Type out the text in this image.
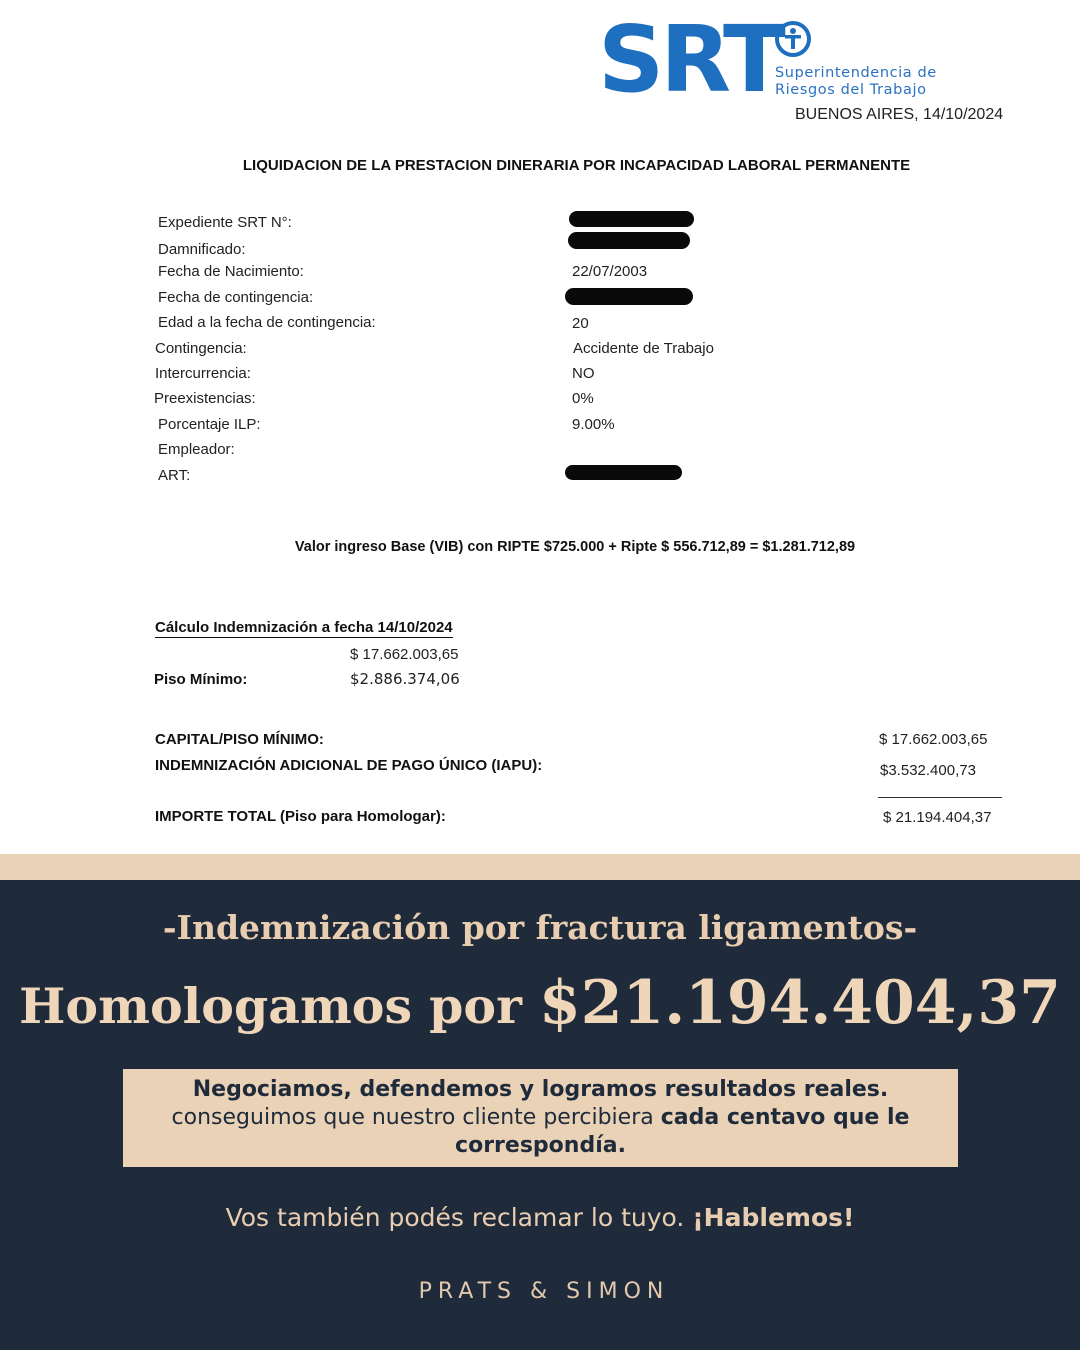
SRT
Superintendencia de
Riesgos del Trabajo
BUENOS AIRES, 14/10/2024
LIQUIDACION DE LA PRESTACION DINERARIA POR INCAPACIDAD LABORAL PERMANENTE
Expediente SRT N°:
Damnificado:
Fecha de Nacimiento:	22/07/2003
Fecha de contingencia:
Edad a la fecha de contingencia:	20
Contingencia:	Accidente de Trabajo
Intercurrencia:	NO
Preexistencias:	0%
Porcentaje ILP:	9.00%
Empleador:
ART:
Valor ingreso Base (VIB) con RIPTE $725.000 + Ripte $ 556.712,89 = $1.281.712,89
Cálculo Indemnización a fecha 14/10/2024
$ 17.662.003,65
Piso Mínimo:	$2.886.374,06
CAPITAL/PISO MÍNIMO:	$ 17.662.003,65
INDEMNIZACIÓN ADICIONAL DE PAGO ÚNICO (IAPU):	$3.532.400,73
IMPORTE TOTAL (Piso para Homologar):	$ 21.194.404,37
-Indemnización por fractura ligamentos-
Homologamos por $21.194.404,37
Negociamos, defendemos y logramos resultados reales.
conseguimos que nuestro cliente percibiera cada centavo que le correspondía.
Vos también podés reclamar lo tuyo. ¡Hablemos!
PRATS & SIMON
